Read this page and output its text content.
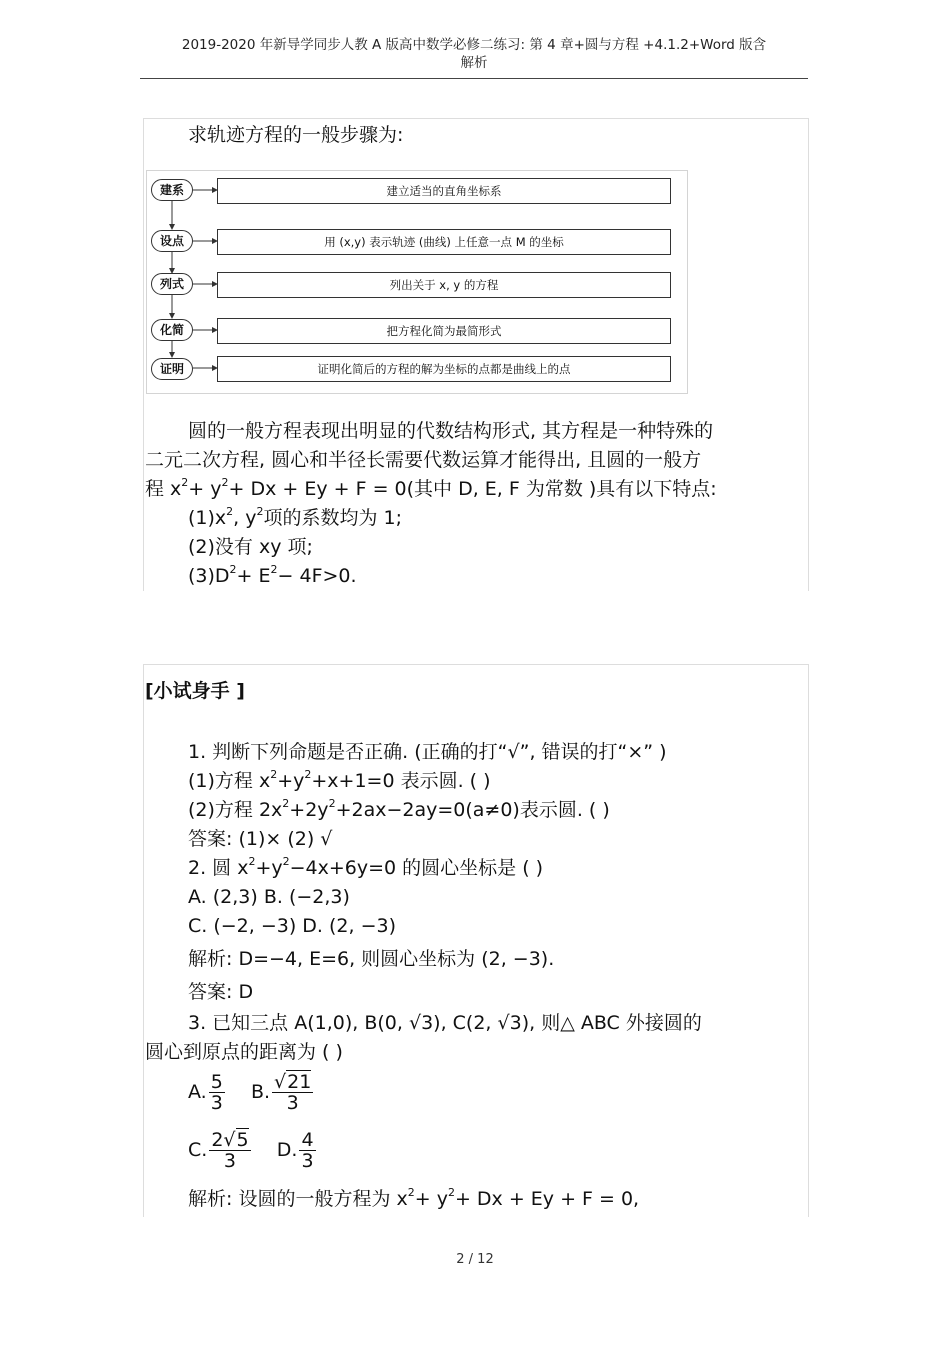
2019-2020 年新导学同步人教 A 版高中数学必修二练习: 第 4 章+圆与方程 +4.1.2+Word 版含
解析
求轨迹方程的一般步骤为:
建系	建立适当的直角坐标系
设点	用 (x,y) 表示轨迹 (曲线) 上任意一点 M 的坐标
列式	列出关于 x, y 的方程
化简	把方程化简为最简形式
证明	证明化简后的方程的解为坐标的点都是曲线上的点
圆的一般方程表现出明显的代数结构形式, 其方程是一种特殊的
二元二次方程, 圆心和半径长需要代数运算才能得出, 且圆的一般方
程 $x^2+ y^2+ Dx + Ey + F = 0$(其中 D, E, F 为常数 )具有以下特点:
$(1)x^2$, $y^2$项的系数均为 1;
(2)没有 xy 项;
$(3)D^2+ E^2- 4F>0$.
[小试身手 ]
1. 判断下列命题是否正确. (正确的打“√”, 错误的打“×” )
(1)方程 $x^2+y^2+x+1=0$ 表示圆. ( )
(2)方程 $2x^2+2y^2+2ax-2ay=0(a\ne 0)$表示圆. ( )
答案: (1)× (2) √
2. 圆 $x^2+y^2-4x+6y=0$ 的圆心坐标是 ( )
A. (2,3) B. (−2,3)
C. (−2, −3) D. (2, −3)
解析: D=−4, E=6, 则圆心坐标为 (2, −3).
答案: D
3. 已知三点 A(1,0), B(0, √3), C(2, √3), 则△ ABC 外接圆的
圆心到原点的距离为 ( )
A. $\frac{5}{3} B$. $\frac{√21}{3}$
C. $\frac{2√5}{3} D$. $\frac{4}{3}$
解析: 设圆的一般方程为 $x^2+ y^2+ Dx + Ey + F = 0$,
2 / 12
